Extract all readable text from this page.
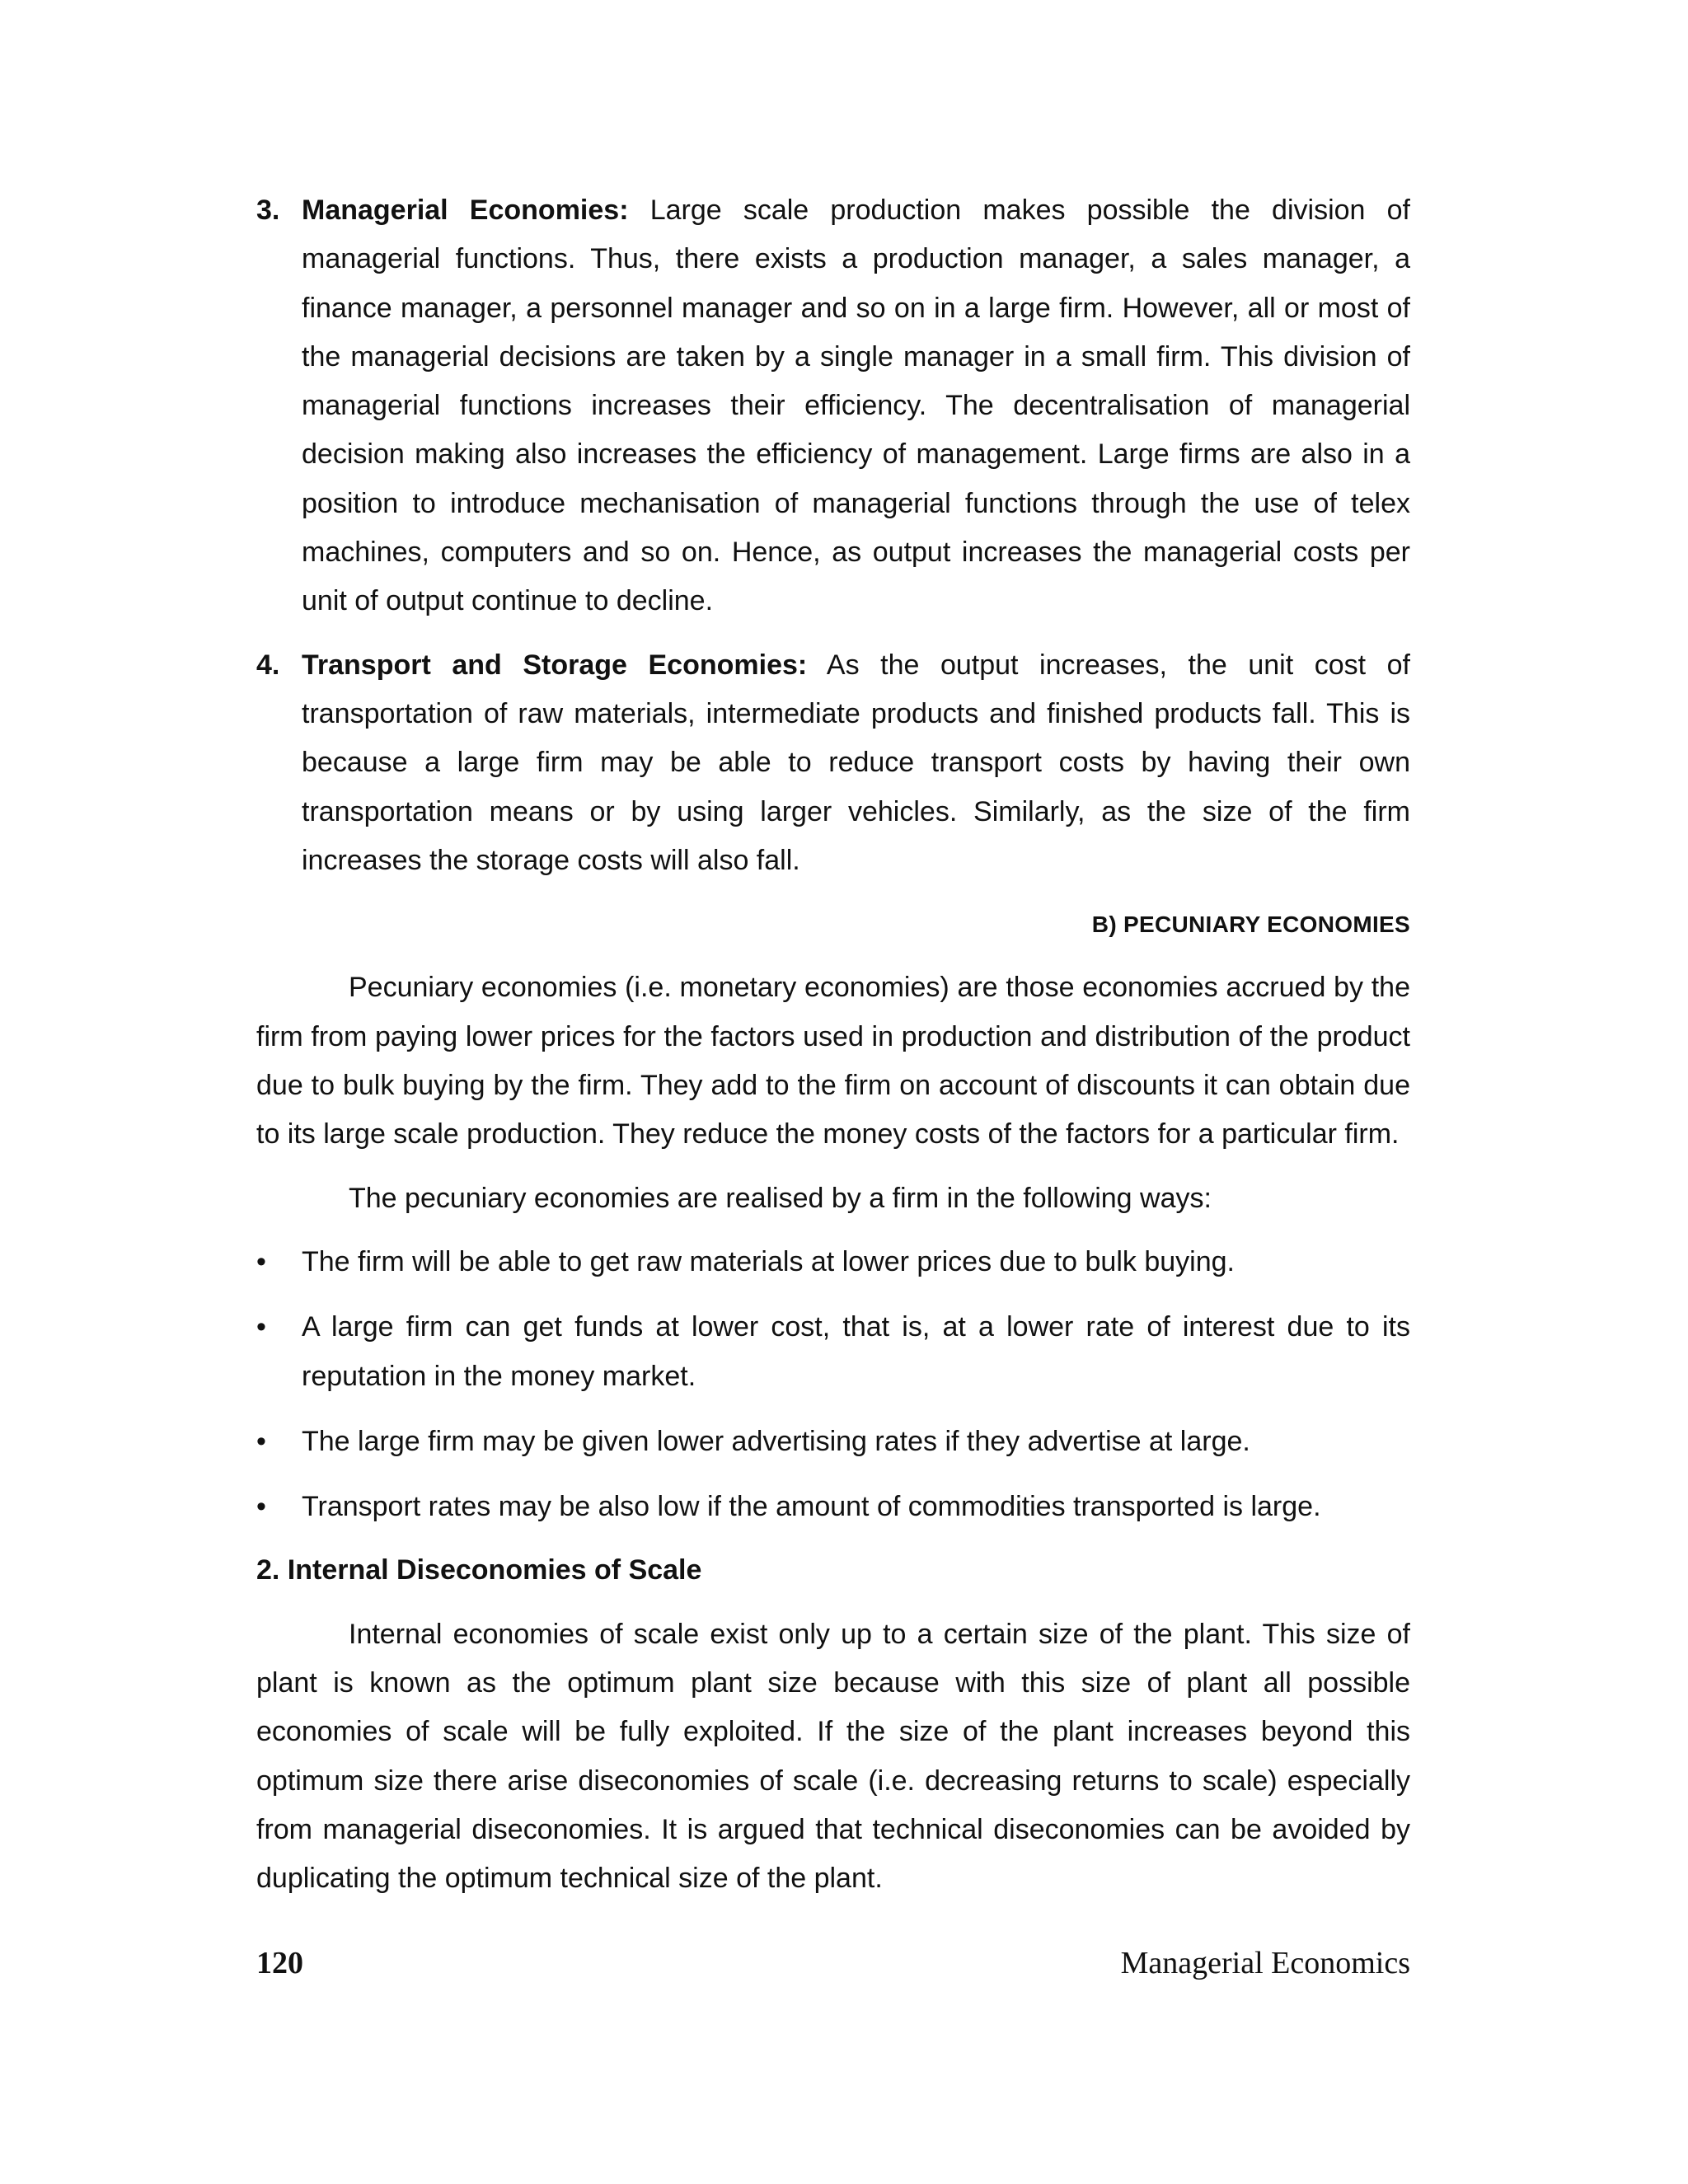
3. Managerial Economies: Large scale production makes possible the division of managerial functions. Thus, there exists a production manager, a sales manager, a finance manager, a personnel manager and so on in a large firm. However, all or most of the managerial decisions are taken by a single manager in a small firm. This division of managerial functions increases their efficiency. The decentralisation of managerial decision making also increases the efficiency of management. Large firms are also in a position to introduce mechanisation of managerial functions through the use of telex machines, computers and so on. Hence, as output increases the managerial costs per unit of output continue to decline.
4. Transport and Storage Economies: As the output increases, the unit cost of transportation of raw materials, intermediate products and finished products fall. This is because a large firm may be able to reduce transport costs by having their own transportation means or by using larger vehicles. Similarly, as the size of the firm increases the storage costs will also fall.
B) PECUNIARY ECONOMIES

Pecuniary economies (i.e. monetary economies) are those economies accrued by the firm from paying lower prices for the factors used in production and distribution of the product due to bulk buying by the firm. They add to the firm on account of discounts it can obtain due to its large scale production. They reduce the money costs of the factors for a particular firm.

The pecuniary economies are realised by a firm in the following ways:

• The firm will be able to get raw materials at lower prices due to bulk buying.
• A large firm can get funds at lower cost, that is, at a lower rate of interest due to its reputation in the money market.
• The large firm may be given lower advertising rates if they advertise at large.
• Transport rates may be also low if the amount of commodities transported is large.
2. Internal Diseconomies of Scale

Internal economies of scale exist only up to a certain size of the plant. This size of plant is known as the optimum plant size because with this size of plant all possible economies of scale will be fully exploited. If the size of the plant increases beyond this optimum size there arise diseconomies of scale (i.e. decreasing returns to scale) especially from managerial diseconomies. It is argued that technical diseconomies can be avoided by duplicating the optimum technical size of the plant.

120	Managerial Economics
